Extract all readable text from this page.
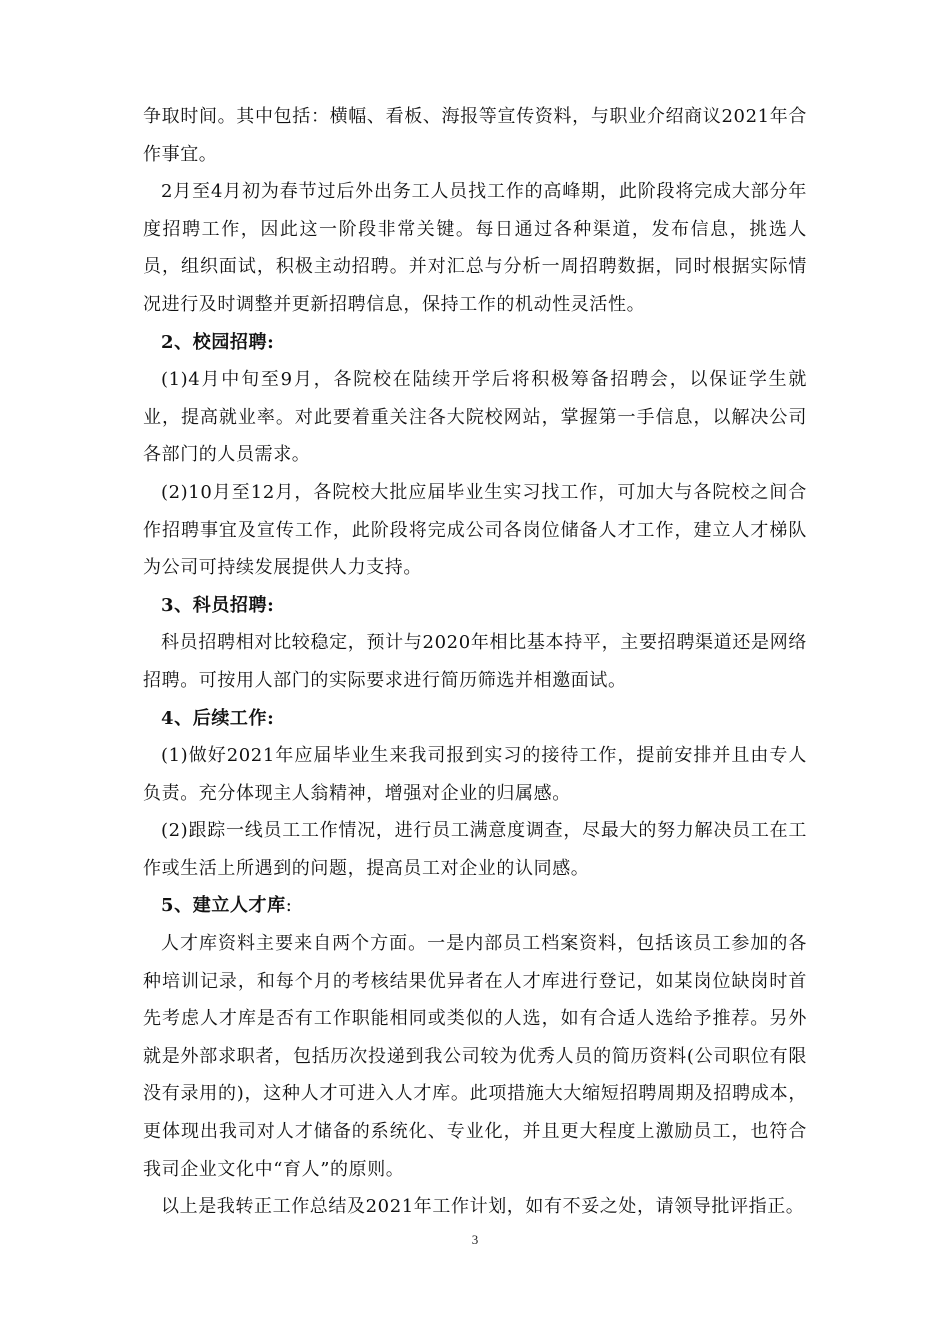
争取时间。其中包括：横幅、看板、海报等宣传资料，与职业介绍商议2021年合作事宜。

2月至4月初为春节过后外出务工人员找工作的高峰期，此阶段将完成大部分年度招聘工作，因此这一阶段非常关键。每日通过各种渠道，发布信息，挑选人员，组织面试，积极主动招聘。并对汇总与分析一周招聘数据，同时根据实际情况进行及时调整并更新招聘信息，保持工作的机动性灵活性。

2、校园招聘:

(1)4月中旬至9月，各院校在陆续开学后将积极筹备招聘会，以保证学生就业，提高就业率。对此要着重关注各大院校网站，掌握第一手信息，以解决公司各部门的人员需求。

(2)10月至12月，各院校大批应届毕业生实习找工作，可加大与各院校之间合作招聘事宜及宣传工作，此阶段将完成公司各岗位储备人才工作，建立人才梯队为公司可持续发展提供人力支持。

3、科员招聘:

科员招聘相对比较稳定，预计与2020年相比基本持平，主要招聘渠道还是网络招聘。可按用人部门的实际要求进行简历筛选并相邀面试。

4、后续工作:

(1)做好2021年应届毕业生来我司报到实习的接待工作，提前安排并且由专人负责。充分体现主人翁精神，增强对企业的归属感。

(2)跟踪一线员工工作情况，进行员工满意度调查，尽最大的努力解决员工在工作或生活上所遇到的问题，提高员工对企业的认同感。

5、建立人才库:

人才库资料主要来自两个方面。一是内部员工档案资料，包括该员工参加的各种培训记录，和每个月的考核结果优异者在人才库进行登记，如某岗位缺岗时首先考虑人才库是否有工作职能相同或类似的人选，如有合适人选给予推荐。另外就是外部求职者，包括历次投递到我公司较为优秀人员的简历资料(公司职位有限没有录用的)，这种人才可进入人才库。此项措施大大缩短招聘周期及招聘成本，更体现出我司对人才储备的系统化、专业化，并且更大程度上激励员工，也符合我司企业文化中“育人”的原则。

以上是我转正工作总结及2021年工作计划，如有不妥之处，请领导批评指正。

3
